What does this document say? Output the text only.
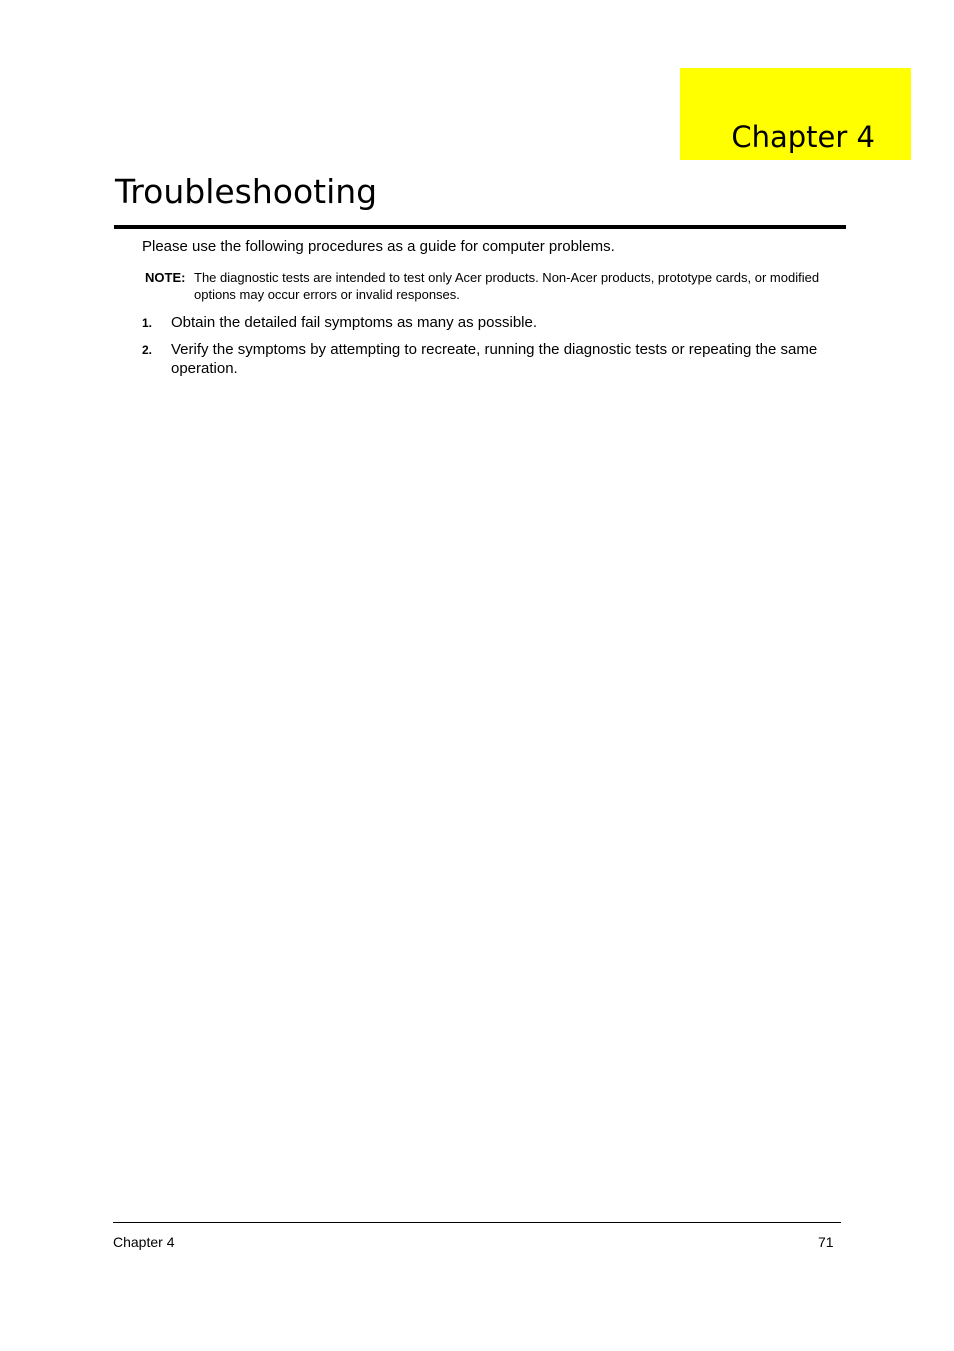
Chapter 4
Troubleshooting

Please use the following procedures as a guide for computer problems.

NOTE: The diagnostic tests are intended to test only Acer products. Non-Acer products, prototype cards, or modified options may occur errors or invalid responses.
1. Obtain the detailed fail symptoms as many as possible.
2. Verify the symptoms by attempting to recreate, running the diagnostic tests or repeating the same operation.
Chapter 4	71
